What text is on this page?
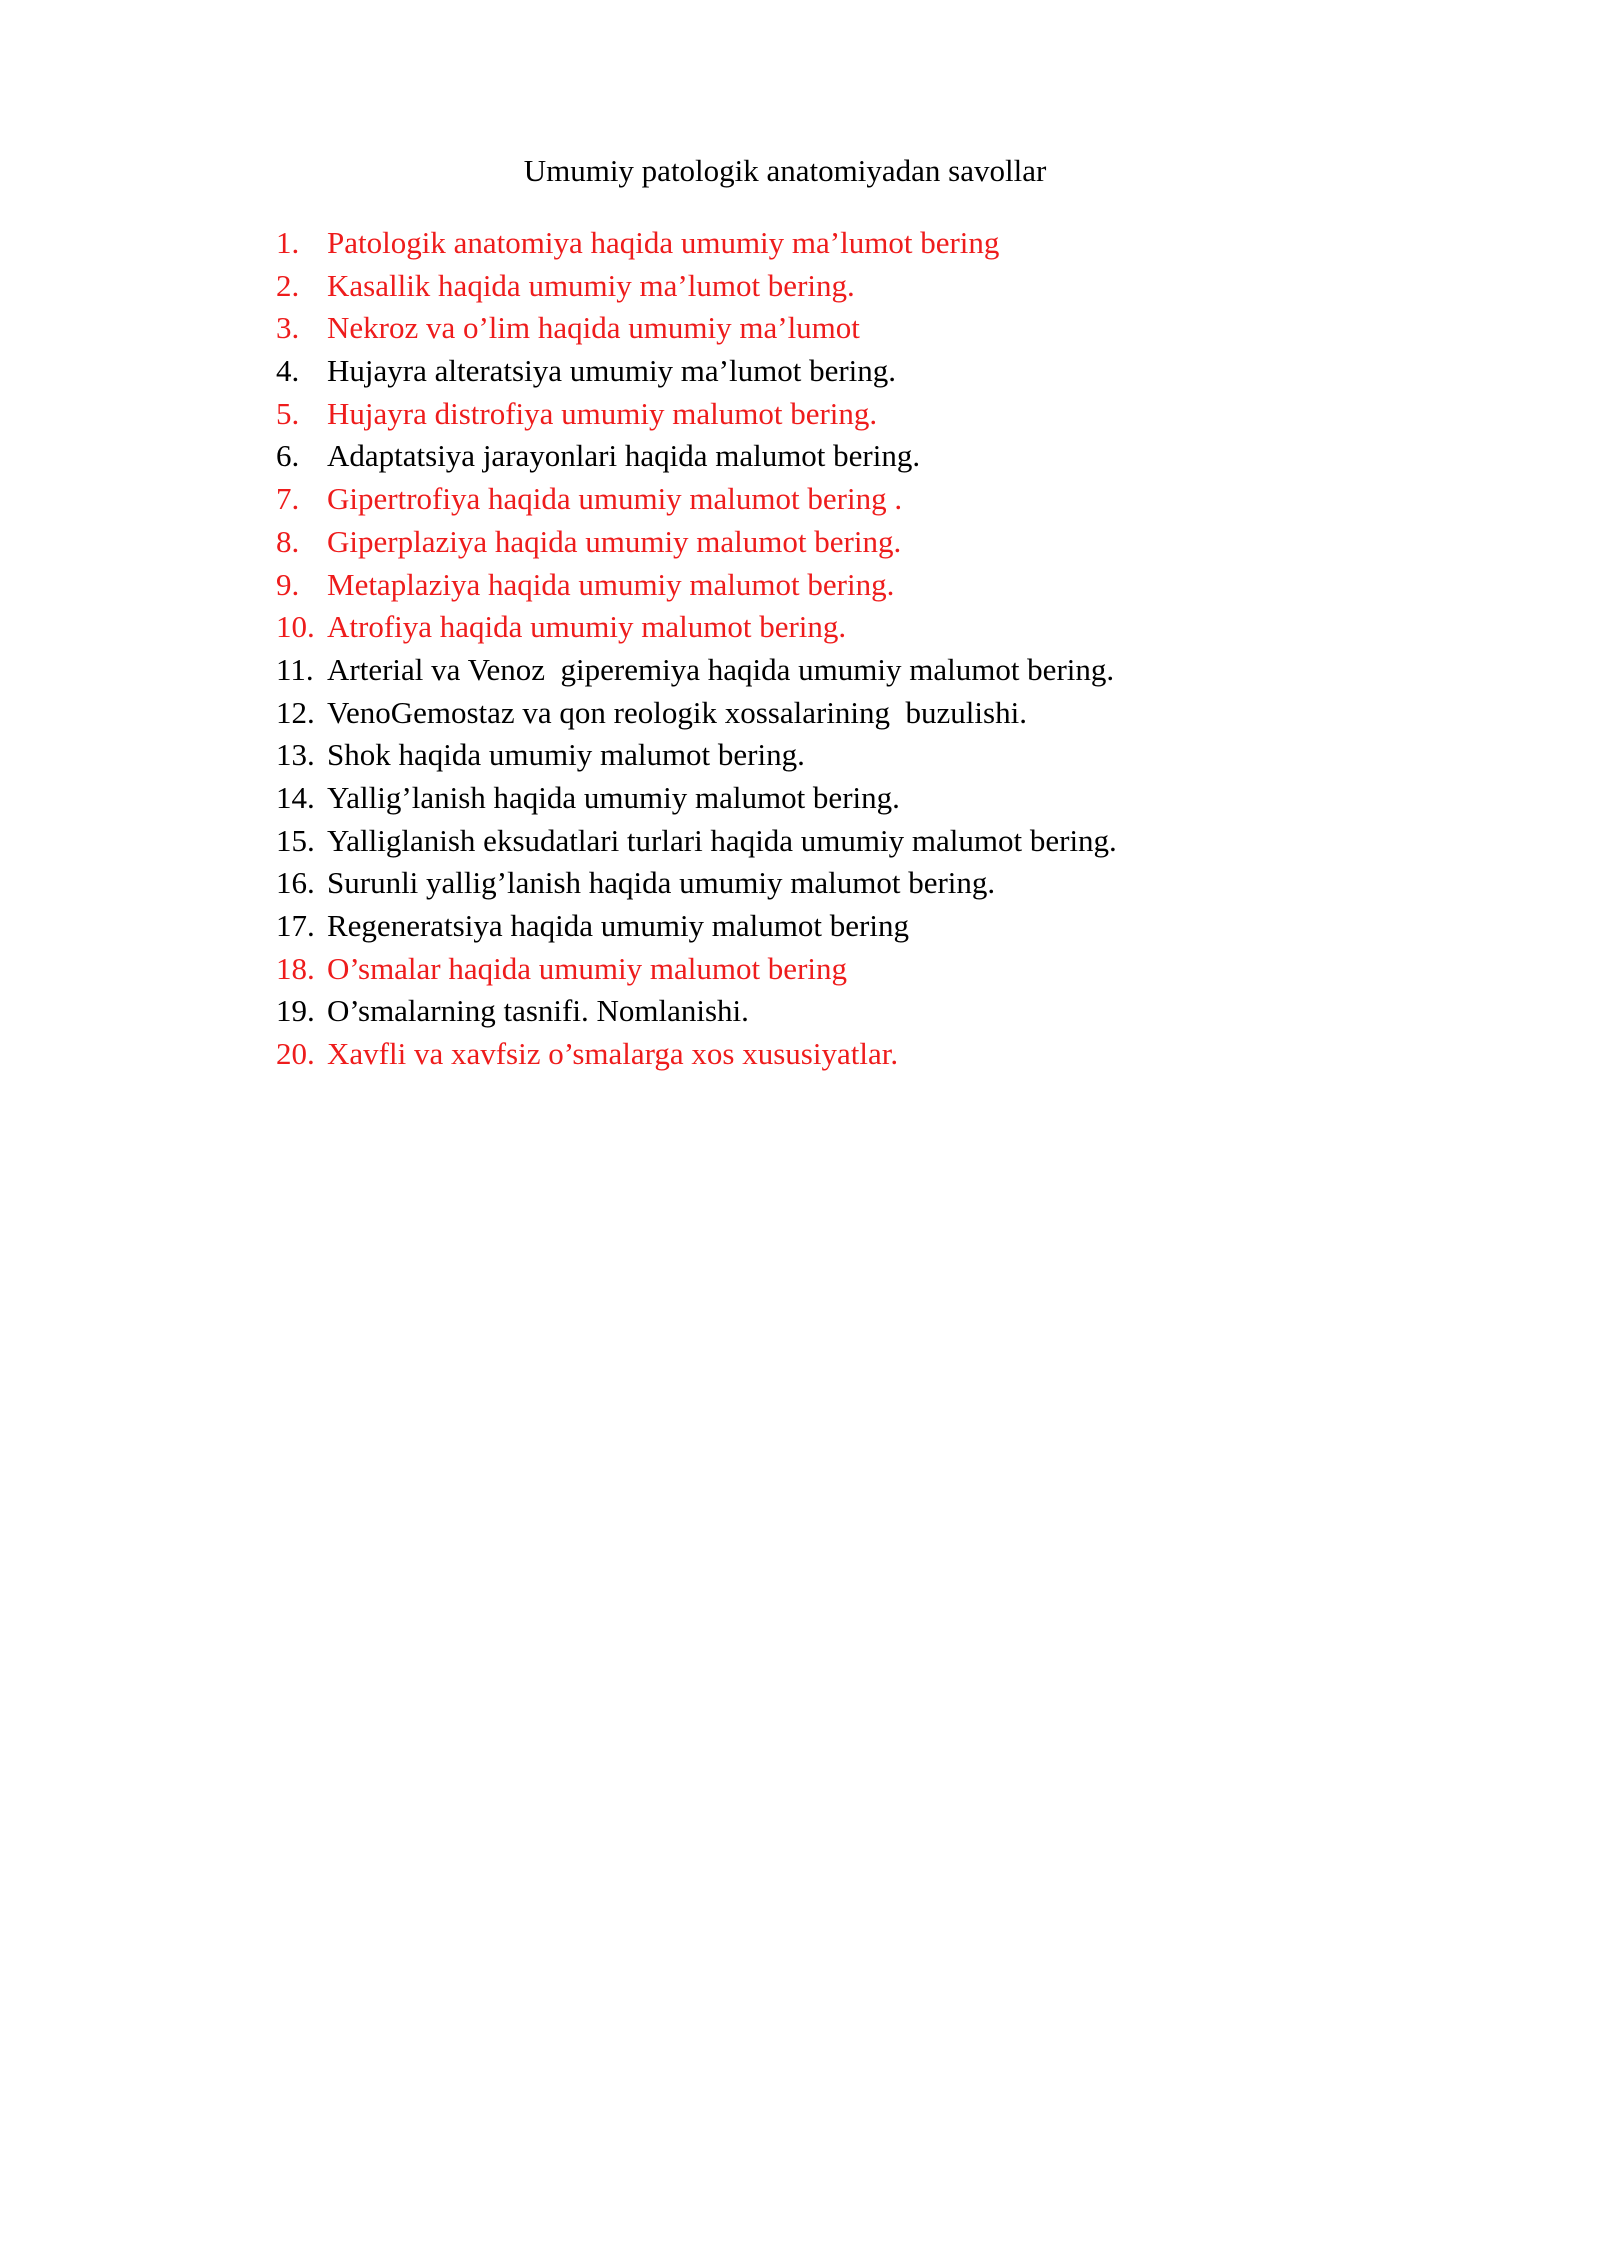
Umumiy patologik anatomiyadan savollar
1. Patologik anatomiya haqida umumiy ma’lumot bering
2. Kasallik haqida umumiy ma’lumot bering.
3. Nekroz va o’lim haqida umumiy ma’lumot
4. Hujayra alteratsiya umumiy ma’lumot bering.
5. Hujayra distrofiya umumiy malumot bering.
6. Adaptatsiya jarayonlari haqida malumot bering.
7. Gipertrofiya haqida umumiy malumot bering .
8. Giperplaziya haqida umumiy malumot bering.
9. Metaplaziya haqida umumiy malumot bering.
10. Atrofiya haqida umumiy malumot bering.
11. Arterial va Venoz  giperemiya haqida umumiy malumot bering.
12. VenoGemostaz va qon reologik xossalarining  buzulishi.
13. Shok haqida umumiy malumot bering.
14. Yallig’lanish haqida umumiy malumot bering.
15. Yalliglanish eksudatlari turlari haqida umumiy malumot bering.
16. Surunli yallig’lanish haqida umumiy malumot bering.
17. Regeneratsiya haqida umumiy malumot bering
18. O’smalar haqida umumiy malumot bering
19. O’smalarning tasnifi. Nomlanishi.
20. Xavfli va xavfsiz o’smalarga xos xususiyatlar.
